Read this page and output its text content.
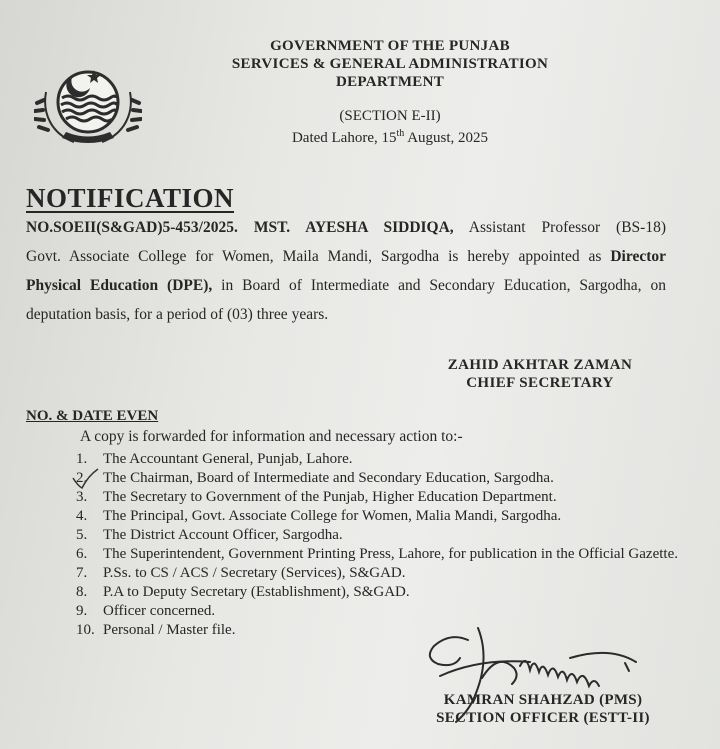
GOVERNMENT OF THE PUNJAB
SERVICES & GENERAL ADMINISTRATION
DEPARTMENT
(SECTION E-II)
Dated Lahore, 15th August, 2025
NOTIFICATION
NO.SOEII(S&GAD)5-453/2025. MST. AYESHA SIDDIQA, Assistant Professor (BS-18)
Govt. Associate College for Women, Maila Mandi, Sargodha is hereby appointed as Director
Physical Education (DPE), in Board of Intermediate and Secondary Education, Sargodha, on
deputation basis, for a period of (03) three years.
ZAHID AKHTAR ZAMAN
CHIEF SECRETARY
NO. & DATE EVEN
A copy is forwarded for information and necessary action to:-
1.	The Accountant General, Punjab, Lahore.
2.	The Chairman, Board of Intermediate and Secondary Education, Sargodha.
3.	The Secretary to Government of the Punjab, Higher Education Department.
4.	The Principal, Govt. Associate College for Women, Malia Mandi, Sargodha.
5.	The District Account Officer, Sargodha.
6.	The Superintendent, Government Printing Press, Lahore, for publication in the Official Gazette.
7.	P.Ss. to CS / ACS / Secretary (Services), S&GAD.
8.	P.A to Deputy Secretary (Establishment), S&GAD.
9.	Officer concerned.
10. Personal / Master file.
KAMRAN SHAHZAD (PMS)
SECTION OFFICER (ESTT-II)
